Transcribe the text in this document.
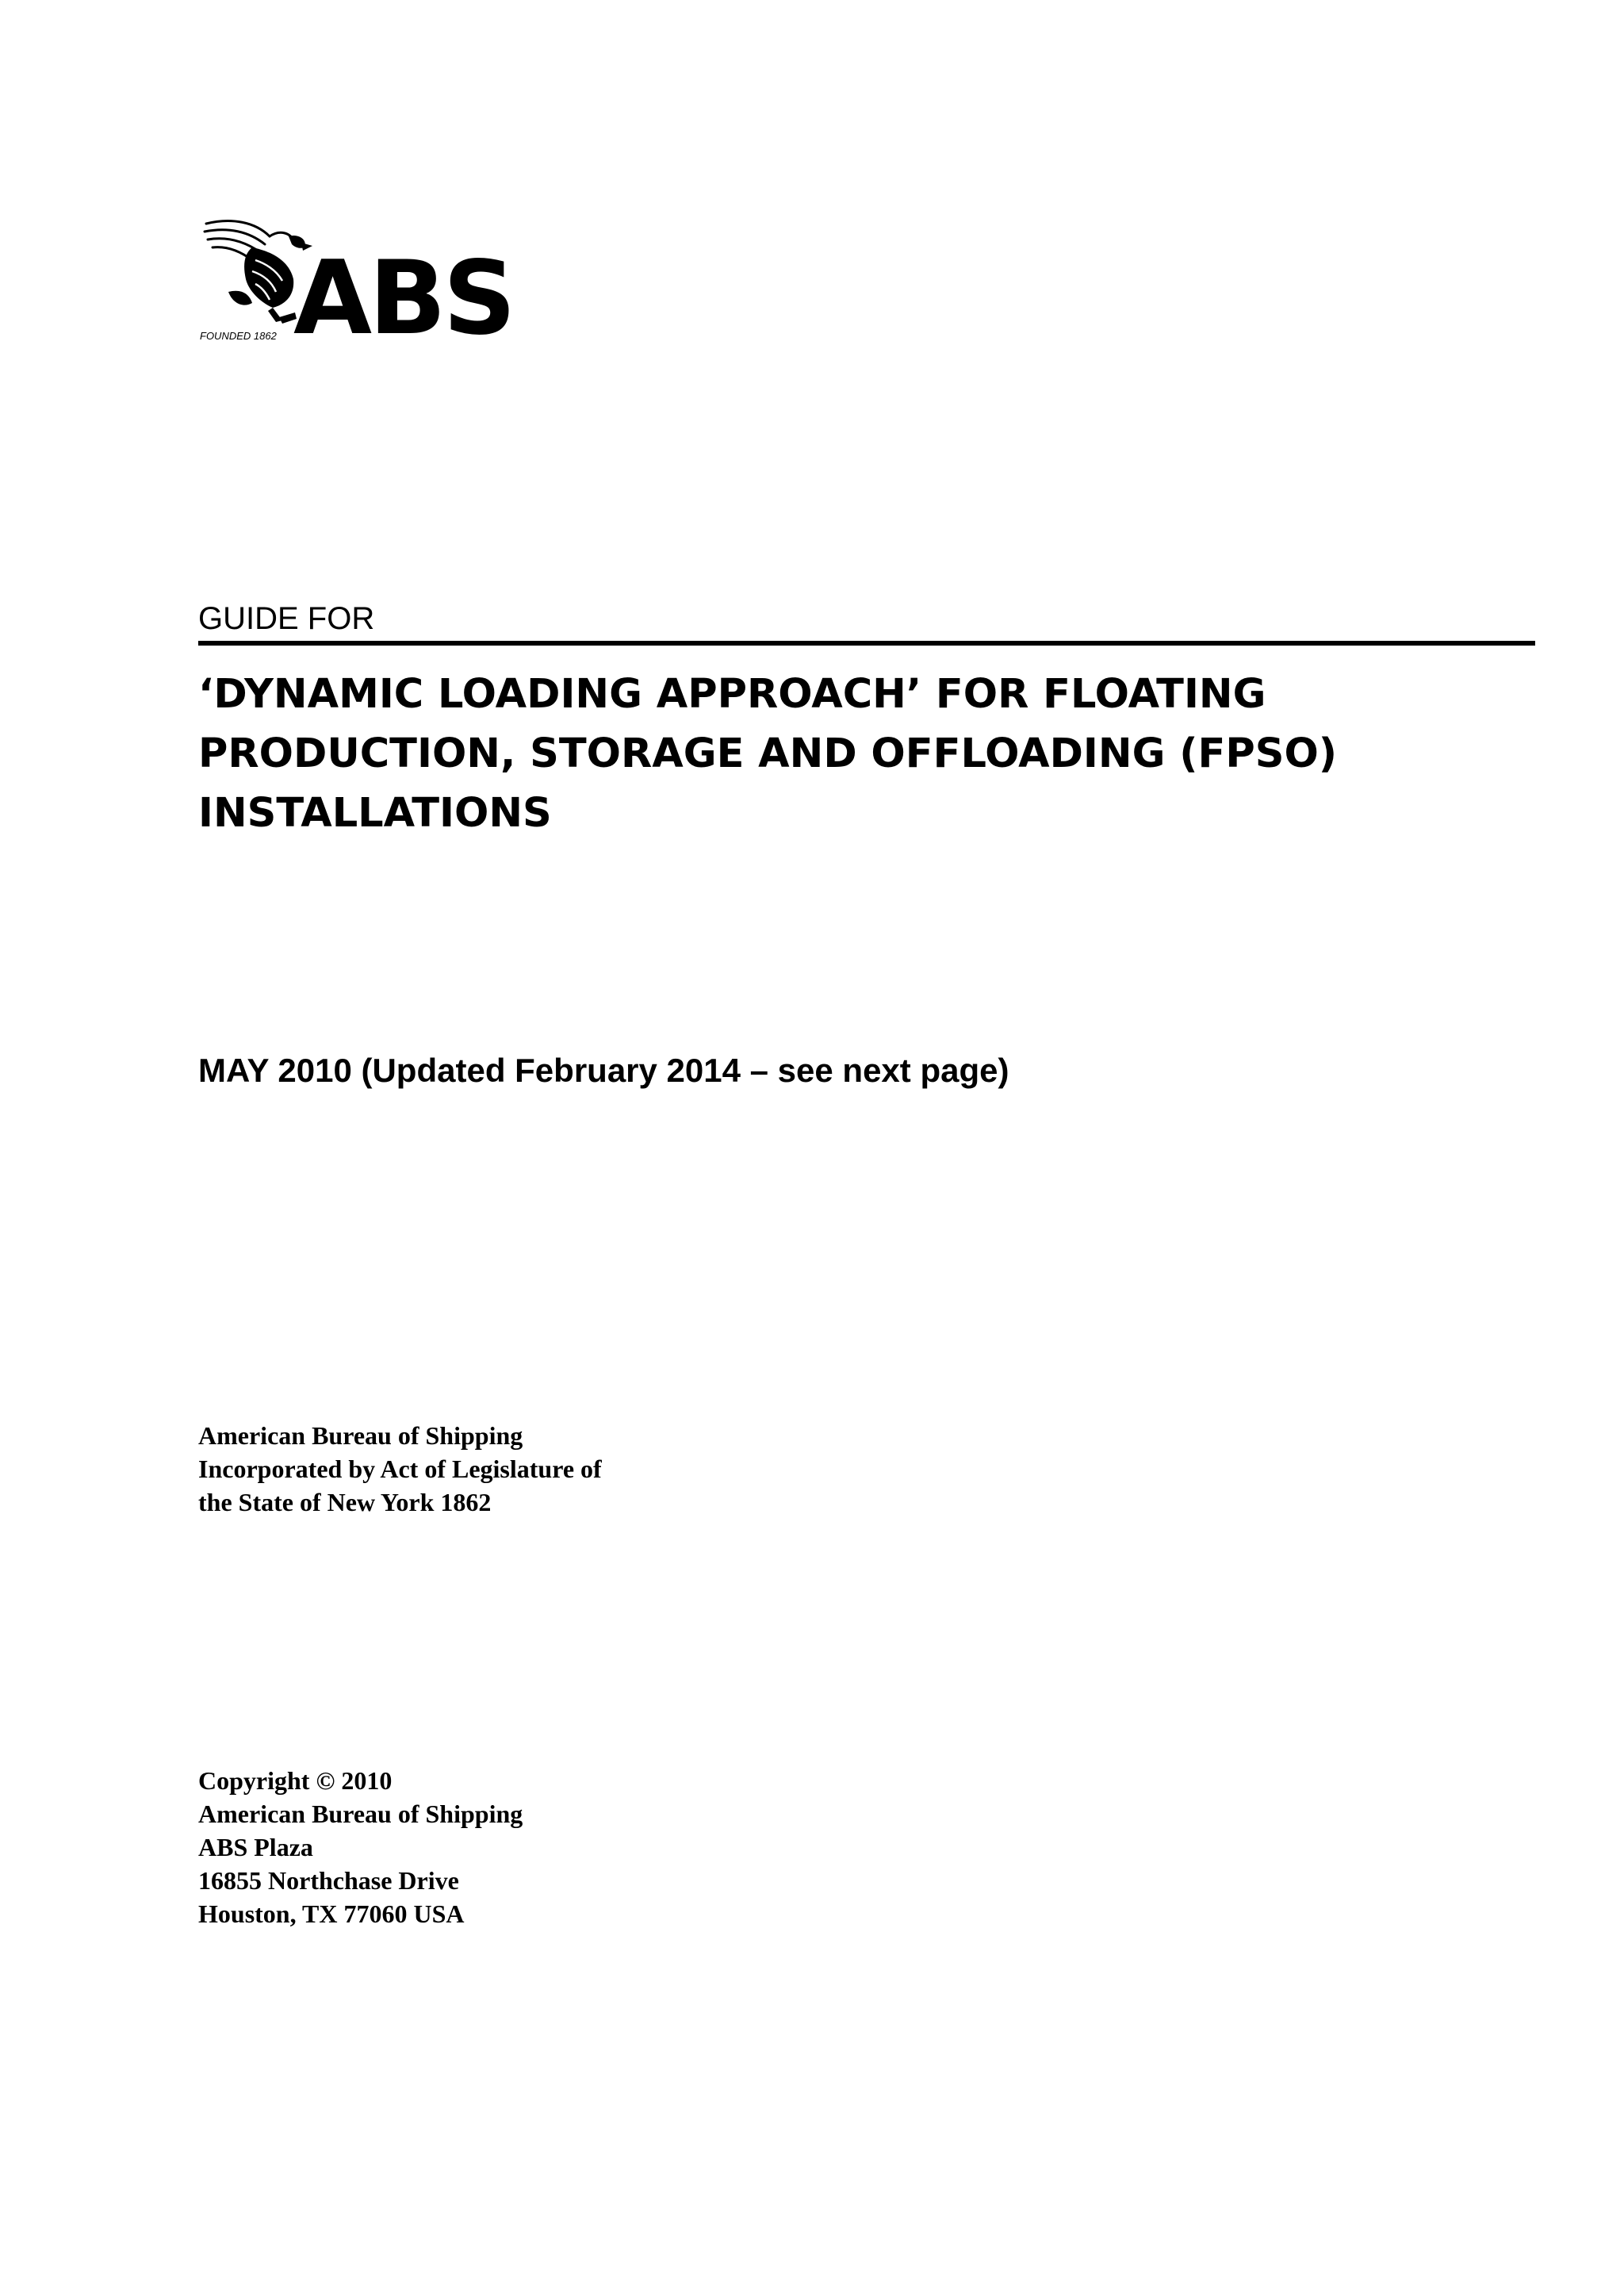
FOUNDED 1862 ABS
GUIDE FOR
‘DYNAMIC LOADING APPROACH’ FOR FLOATING
PRODUCTION, STORAGE AND OFFLOADING (FPSO)
INSTALLATIONS
MAY 2010 (Updated February 2014 – see next page)
American Bureau of Shipping
Incorporated by Act of Legislature of
the State of New York 1862
Copyright © 2010
American Bureau of Shipping
ABS Plaza
16855 Northchase Drive
Houston, TX 77060 USA
